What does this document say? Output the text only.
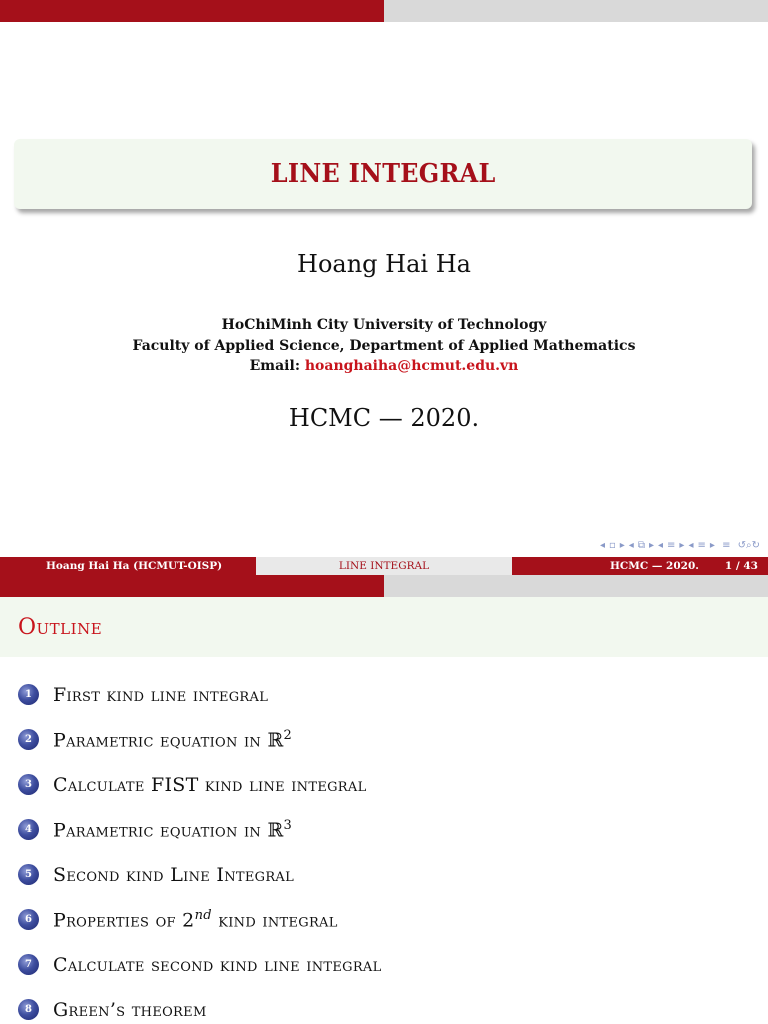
LINE INTEGRAL
Hoang Hai Ha
HoChiMinh City University of Technology
Faculty of Applied Science, Department of Applied Mathematics
Email: hoanghaiha@hcmut.edu.vn
HCMC — 2020.
◂ ▫ ▸ ◂ ⧉ ▸ ◂ ≡ ▸ ◂ ≡ ▸ ≡ ↺⌕↻
Hoang Hai Ha (HCMUT-OISP)	LINE INTEGRAL	HCMC — 2020. 1 / 43
Outline
1	First kind line integral
2	Parametric equation in ℝ$^2$
3	Calculate FIST kind line integral
4	Parametric equation in ℝ$^3$
5	Second kind Line Integral
6	Properties of 2nd kind integral
7	Calculate second kind line integral
8	Green’s theorem
